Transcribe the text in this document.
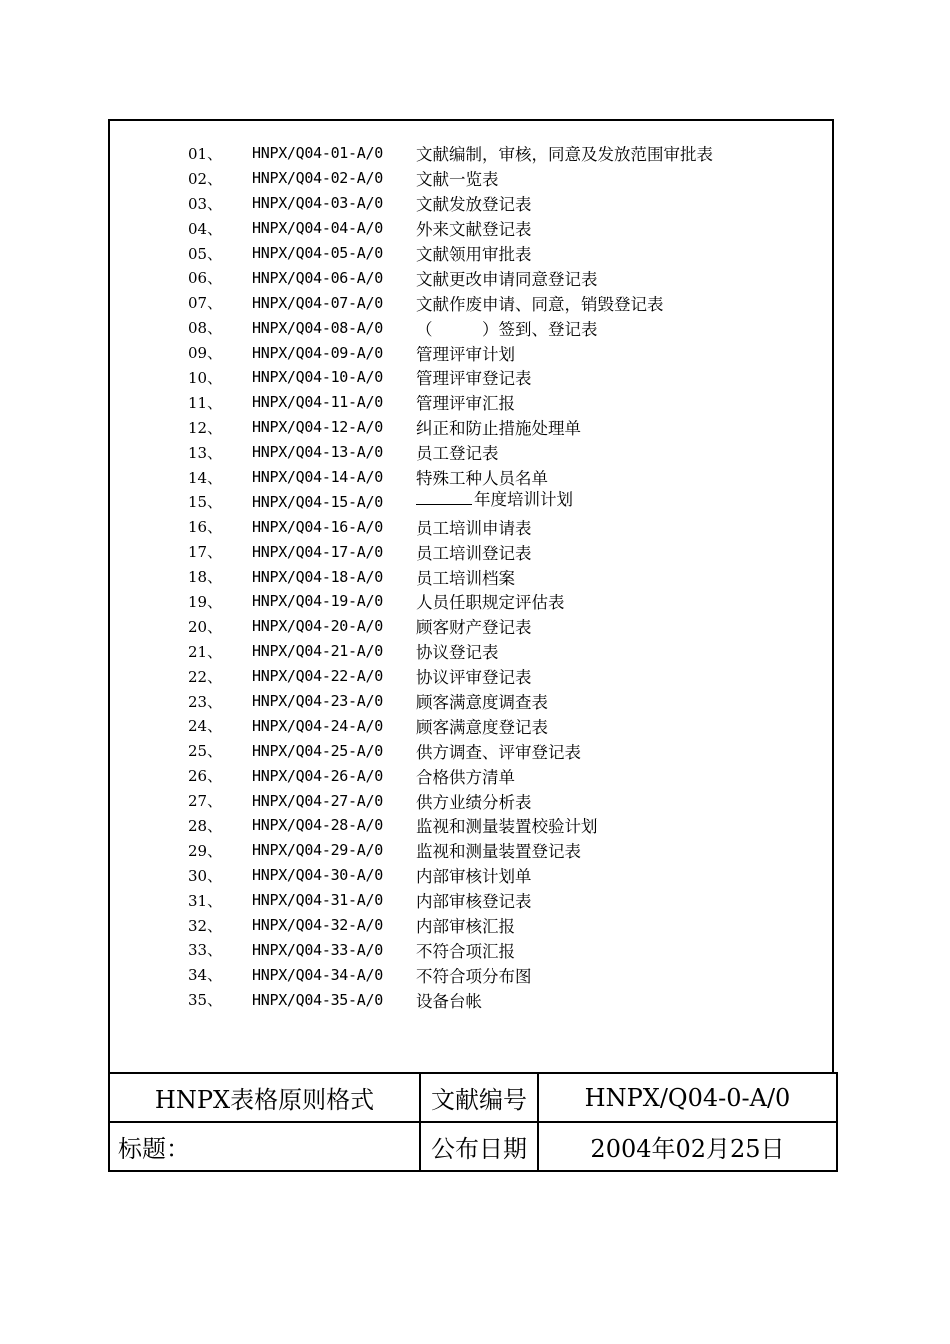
01、	HNPX/Q04-01-A/0	文献编制，审核，同意及发放范围审批表
02、	HNPX/Q04-02-A/0	文献一览表
03、	HNPX/Q04-03-A/0	文献发放登记表
04、	HNPX/Q04-04-A/0	外来文献登记表
05、	HNPX/Q04-05-A/0	文献领用审批表
06、	HNPX/Q04-06-A/0	文献更改申请同意登记表
07、	HNPX/Q04-07-A/0	文献作废申请、同意，销毁登记表
08、	HNPX/Q04-08-A/0	（　　　）签到、登记表
09、	HNPX/Q04-09-A/0	管理评审计划
10、	HNPX/Q04-10-A/0	管理评审登记表
11、	HNPX/Q04-11-A/0	管理评审汇报
12、	HNPX/Q04-12-A/0	纠正和防止措施处理单
13、	HNPX/Q04-13-A/0	员工登记表
14、	HNPX/Q04-14-A/0	特殊工种人员名单
15、	HNPX/Q04-15-A/0	年度培训计划
16、	HNPX/Q04-16-A/0	员工培训申请表
17、	HNPX/Q04-17-A/0	员工培训登记表
18、	HNPX/Q04-18-A/0	员工培训档案
19、	HNPX/Q04-19-A/0	人员任职规定评估表
20、	HNPX/Q04-20-A/0	顾客财产登记表
21、	HNPX/Q04-21-A/0	协议登记表
22、	HNPX/Q04-22-A/0	协议评审登记表
23、	HNPX/Q04-23-A/0	顾客满意度调查表
24、	HNPX/Q04-24-A/0	顾客满意度登记表
25、	HNPX/Q04-25-A/0	供方调查、评审登记表
26、	HNPX/Q04-26-A/0	合格供方清单
27、	HNPX/Q04-27-A/0	供方业绩分析表
28、	HNPX/Q04-28-A/0	监视和测量装置校验计划
29、	HNPX/Q04-29-A/0	监视和测量装置登记表
30、	HNPX/Q04-30-A/0	内部审核计划单
31、	HNPX/Q04-31-A/0	内部审核登记表
32、	HNPX/Q04-32-A/0	内部审核汇报
33、	HNPX/Q04-33-A/0	不符合项汇报
34、	HNPX/Q04-34-A/0	不符合项分布图
35、	HNPX/Q04-35-A/0	设备台帐
HNPX表格原则格式	文献编号	HNPX/Q04-0-A/0
标题：	公布日期	2004年02月25日
